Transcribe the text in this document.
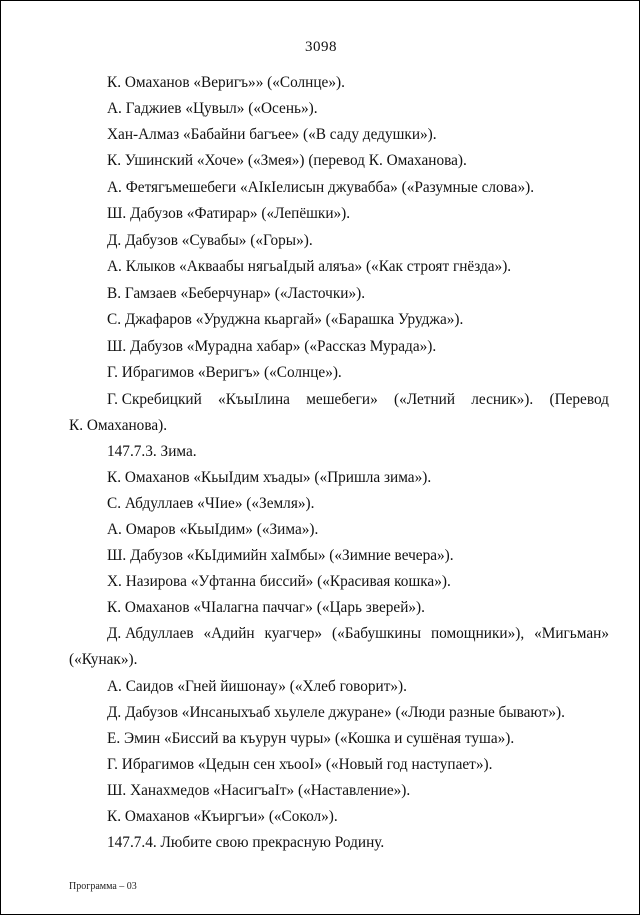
3098
К. Омаханов «Веригъ»» («Солнце»).
А. Гаджиев «Цувыл» («Осень»).
Хан-Алмаз «Бабайни багъее» («В саду дедушки»).
К. Ушинский «Хоче» («Змея») (перевод К. Омаханова).
А. Фетягъмешебеги «АIкIелисын джувабба» («Разумные слова»).
Ш. Дабузов «Фатирар» («Лепёшки»).
Д. Дабузов «Сувабы» («Горы»).
А. Клыков «Акваабы нягьаIдый аляъа» («Как строят гнёзда»).
В. Гамзаев «Беберчунар» («Ласточки»).
С. Джафаров «Уруджна кьаргай» («Барашка Уруджа»).
Ш. Дабузов «Мурадна хабар» («Рассказ Мурада»).
Г. Ибрагимов «Веригъ» («Солнце»).
Г. Скребицкий «КъыIлина мешебеги» («Летний лесник»). (Перевод
К. Омаханова).
147.7.3. Зима.
К. Омаханов «КьыIдим хъады» («Пришла зима»).
С. Абдуллаев «ЧIие» («Земля»).
А. Омаров «КьыIдим» («Зима»).
Ш. Дабузов «КьIдимийн хаIмбы» («Зимние вечера»).
Х. Назирова «Уфтанна биссий» («Красивая кошка»).
К. Омаханов «ЧIалагна паччаг» («Царь зверей»).
Д. Абдуллаев «Адийн куагчер» («Бабушкины помощники»), «Мигьман»
(«Кунак»).
А. Саидов «Гней йишонау» («Хлеб говорит»).
Д. Дабузов «Инсаныхъаб хьулеле джуране» («Люди разные бывают»).
Е. Эмин «Биссий ва къурун чуры» («Кошка и сушёная туша»).
Г. Ибрагимов «Цедын сен хъооI» («Новый год наступает»).
Ш. Ханахмедов «НасигъаIт» («Наставление»).
К. Омаханов «Къиргъи» («Сокол»).
147.7.4. Любите свою прекрасную Родину.
Программа – 03
